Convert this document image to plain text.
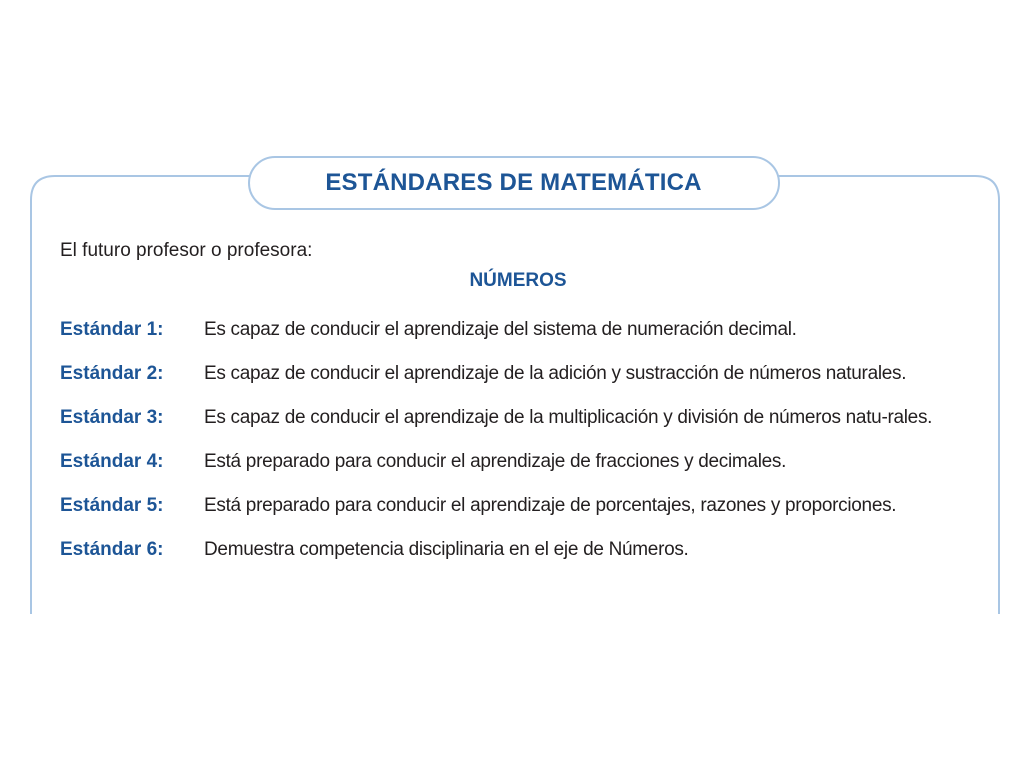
ESTÁNDARES DE MATEMÁTICA
El futuro profesor o profesora:
NÚMEROS
Estándar 1:	Es capaz de conducir el aprendizaje del sistema de numeración decimal.
Estándar 2:	Es capaz de conducir el aprendizaje de la adición y sustracción de números naturales.
Estándar 3:	Es capaz de conducir el aprendizaje de la multiplicación y división de números natu-rales.
Estándar 4:	Está preparado para conducir el aprendizaje de fracciones y decimales.
Estándar 5:	Está preparado para conducir el aprendizaje de porcentajes, razones y proporciones.
Estándar 6:	Demuestra competencia disciplinaria en el eje de Números.
